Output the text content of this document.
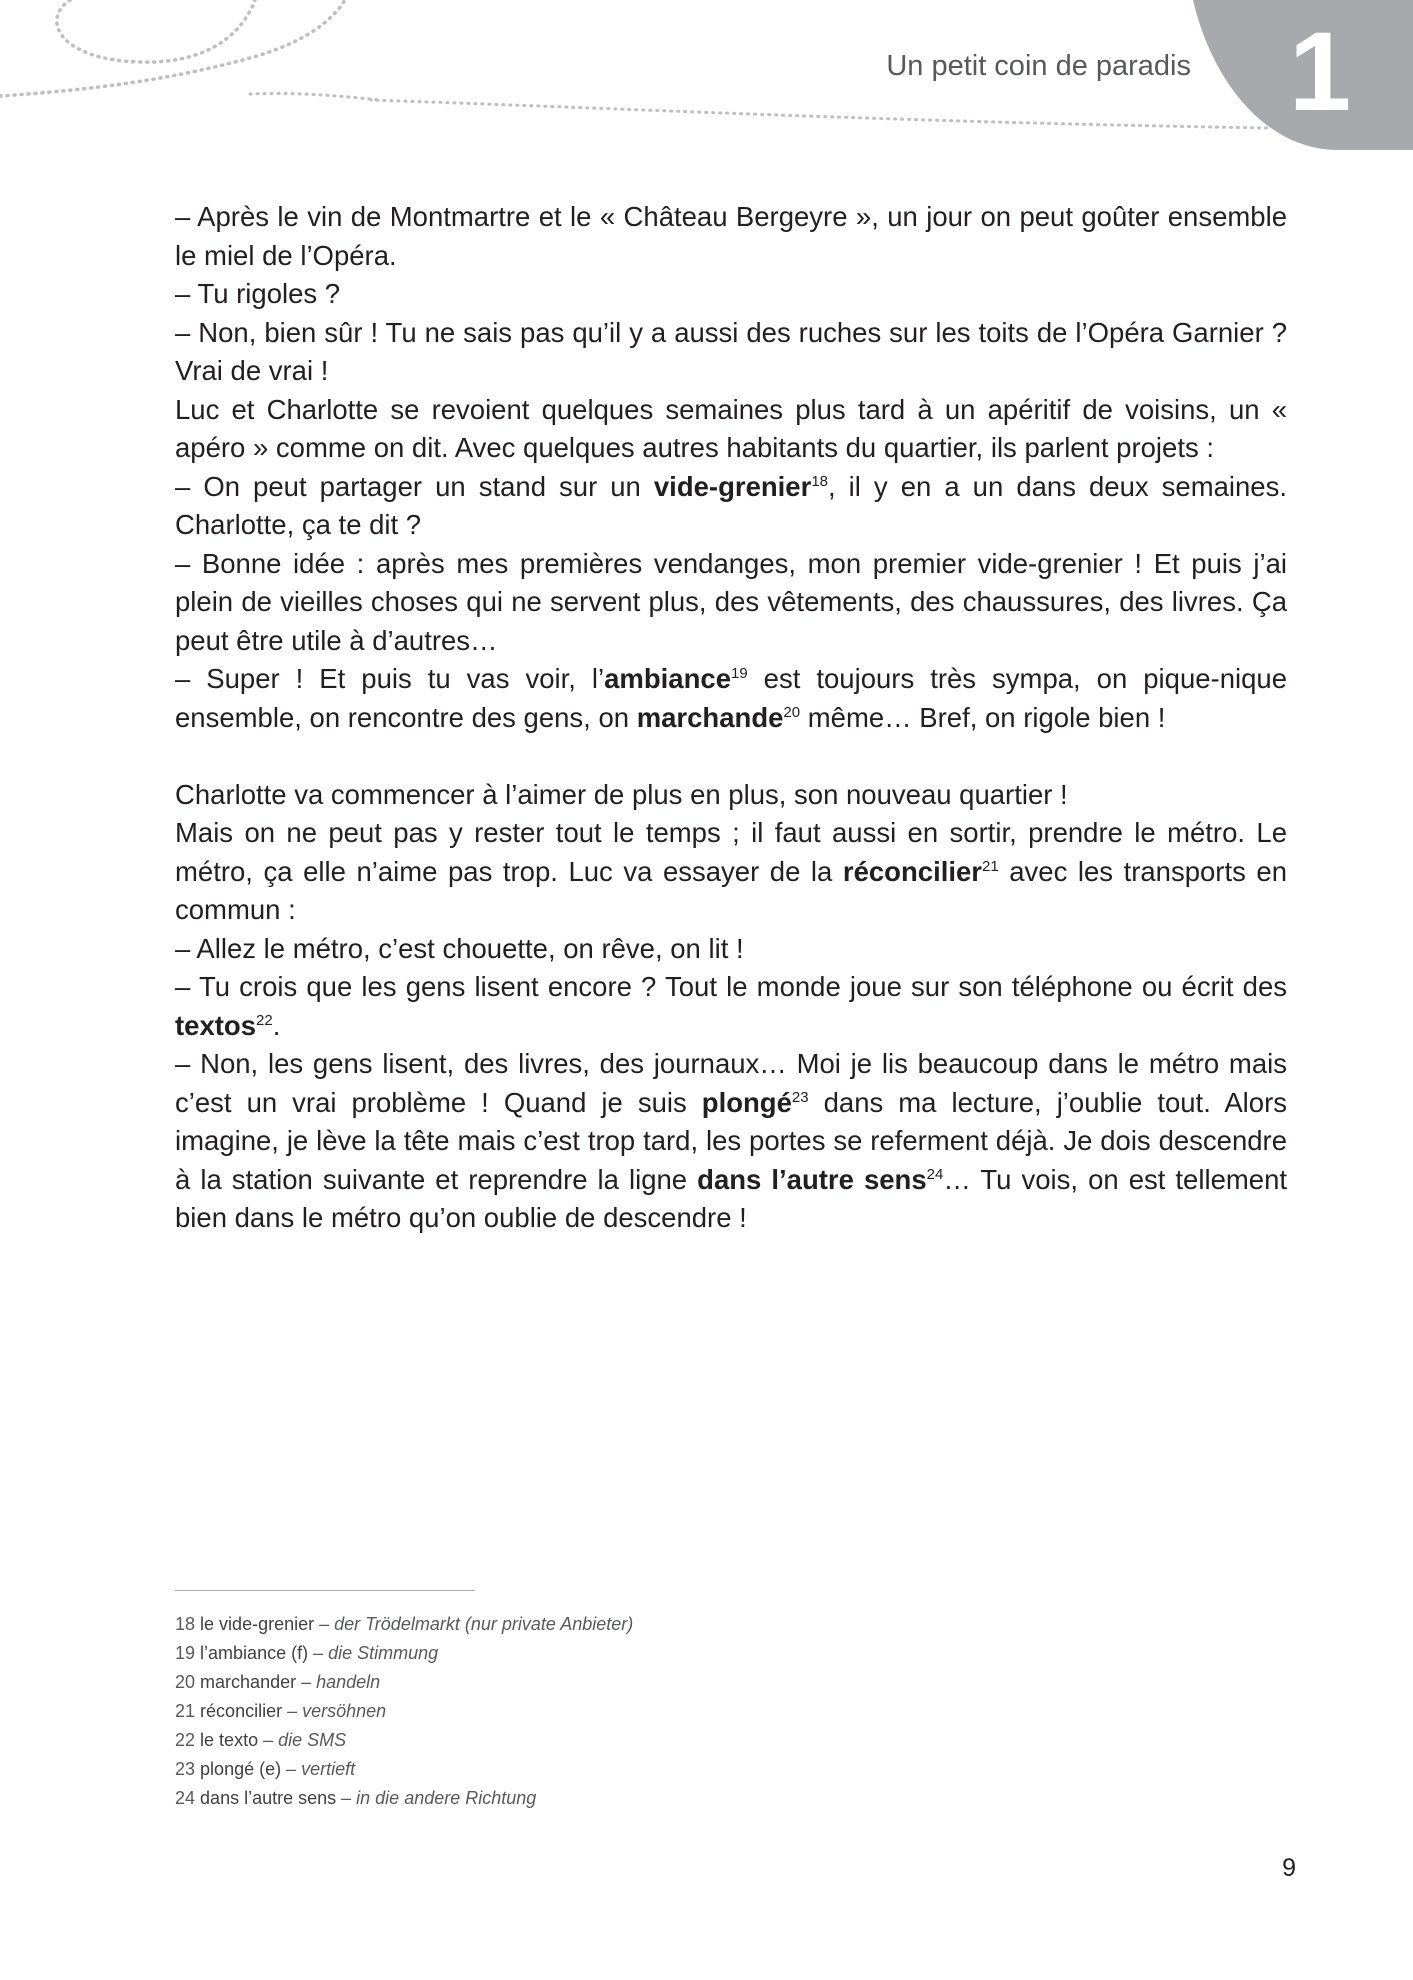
Un petit coin de paradis 1

– Après le vin de Montmartre et le « Château Bergeyre », un jour on peut goûter ensemble le miel de l’Opéra.

– Tu rigoles ?

– Non, bien sûr ! Tu ne sais pas qu’il y a aussi des ruches sur les toits de l’Opéra Garnier ? Vrai de vrai !

Luc et Charlotte se revoient quelques semaines plus tard à un apéritif de voisins, un « apéro » comme on dit. Avec quelques autres habitants du quartier, ils parlent projets :

– On peut partager un stand sur un vide-grenier$^{18}$, il y en a un dans deux semaines. Charlotte, ça te dit ?

– Bonne idée : après mes premières vendanges, mon premier vide-grenier ! Et puis j’ai plein de vieilles choses qui ne servent plus, des vêtements, des chaussures, des livres. Ça peut être utile à d’autres…

– Super ! Et puis tu vas voir, l’ambiance$^{19}$ est toujours très sympa, on pique-nique ensemble, on rencontre des gens, on marchande$^{20}$ même… Bref, on rigole bien !

Charlotte va commencer à l’aimer de plus en plus, son nouveau quartier !

Mais on ne peut pas y rester tout le temps ; il faut aussi en sortir, prendre le métro. Le métro, ça elle n’aime pas trop. Luc va essayer de la réconcilier$^{21}$ avec les transports en commun :

– Allez le métro, c’est chouette, on rêve, on lit !

– Tu crois que les gens lisent encore ? Tout le monde joue sur son téléphone ou écrit des textos$^{22}$.

– Non, les gens lisent, des livres, des journaux… Moi je lis beaucoup dans le métro mais c’est un vrai problème ! Quand je suis plongé$^{23}$ dans ma lecture, j’oublie tout. Alors imagine, je lève la tête mais c’est trop tard, les portes se referment déjà. Je dois descendre à la station suivante et reprendre la ligne dans l’autre sens$^{24}$… Tu vois, on est tellement bien dans le métro qu’on oublie de descendre !

18 le vide-grenier – der Trödelmarkt (nur private Anbieter)
19 l’ambiance (f) – die Stimmung
20 marchander – handeln
21 réconcilier – versöhnen
22 le texto – die SMS
23 plongé (e) – vertieft
24 dans l’autre sens – in die andere Richtung
9
